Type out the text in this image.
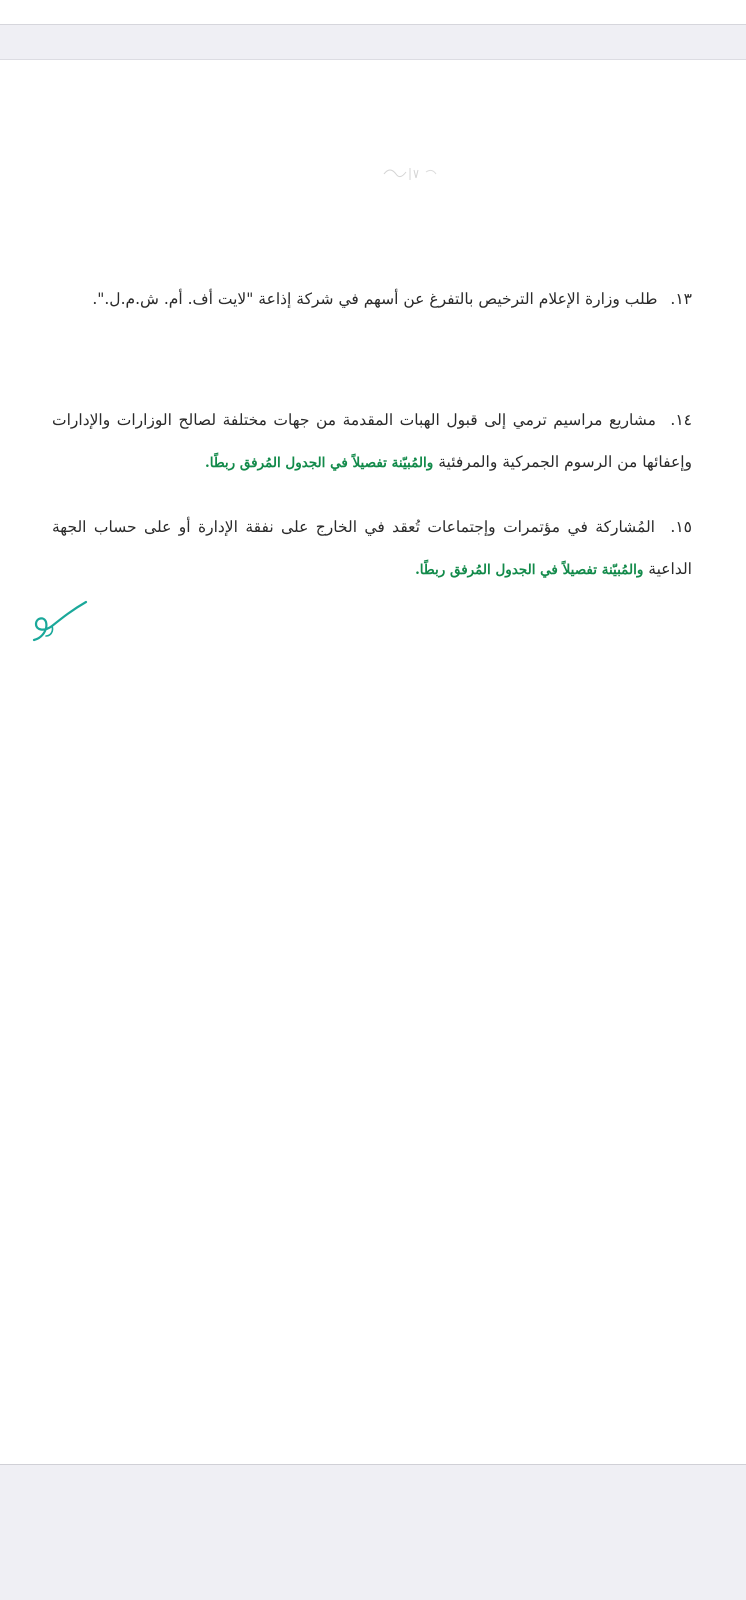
١٣. طلب وزارة الإعلام الترخيص بالتفرغ عن أسهم في شركة إذاعة "لايت أف. أم. ش.م.ل.".

١٤. مشاريع مراسيم ترمي إلى قبول الهبات المقدمة من جهات مختلفة لصالح الوزارات والإدارات وإعفائها من الرسوم الجمركية والمرفئية والمُبيّنة تفصيلاً في الجدول المُرفق ربطًا.

١٥. المُشاركة في مؤتمرات وإجتماعات تُعقد في الخارج على نفقة الإدارة أو على حساب الجهة الداعية والمُبيّنة تفصيلاً في الجدول المُرفق ربطًا.
